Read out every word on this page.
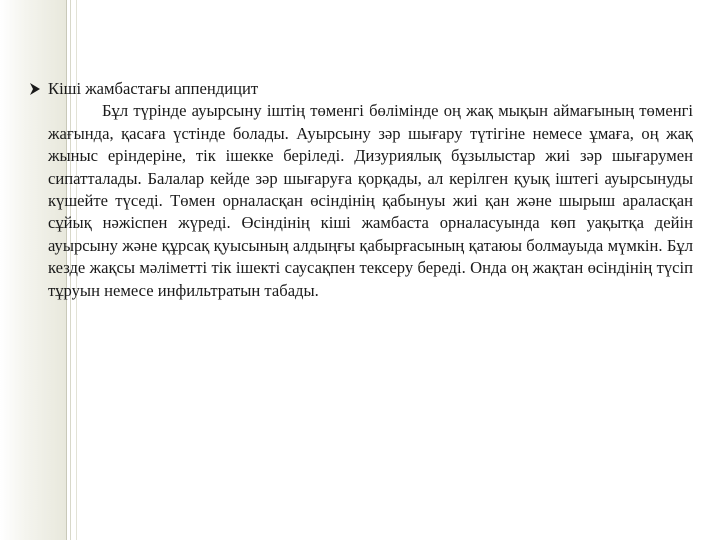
Кіші жамбастағы аппендицит
Бұл түрінде ауырсыну іштің төменгі бөлімінде оң жақ мықын аймағының төменгі жағында, қасаға үстінде болады. Ауырсыну зәр шығару түтігіне немесе ұмаға, оң жақ жыныс еріндеріне, тік ішекке беріледі. Дизуриялық бұзылыстар жиі зәр шығарумен сипатталады. Балалар кейде зәр шығаруға қорқады, ал керілген қуық іштегі ауырсынуды күшейте түседі. Төмен орналасқан өсіндінің қабынуы жиі қан және шырыш араласқан сұйық нәжіспен жүреді. Өсіндінің кіші жамбаста орналасуында көп уақытқа дейін ауырсыну және құрсақ қуысының алдыңғы қабырғасының қатаюы болмауыда мүмкін. Бұл кезде жақсы мәліметті тік ішекті саусақпен тексеру береді. Онда оң жақтан өсіндінің түсіп тұруын немесе инфильтратын табады.
